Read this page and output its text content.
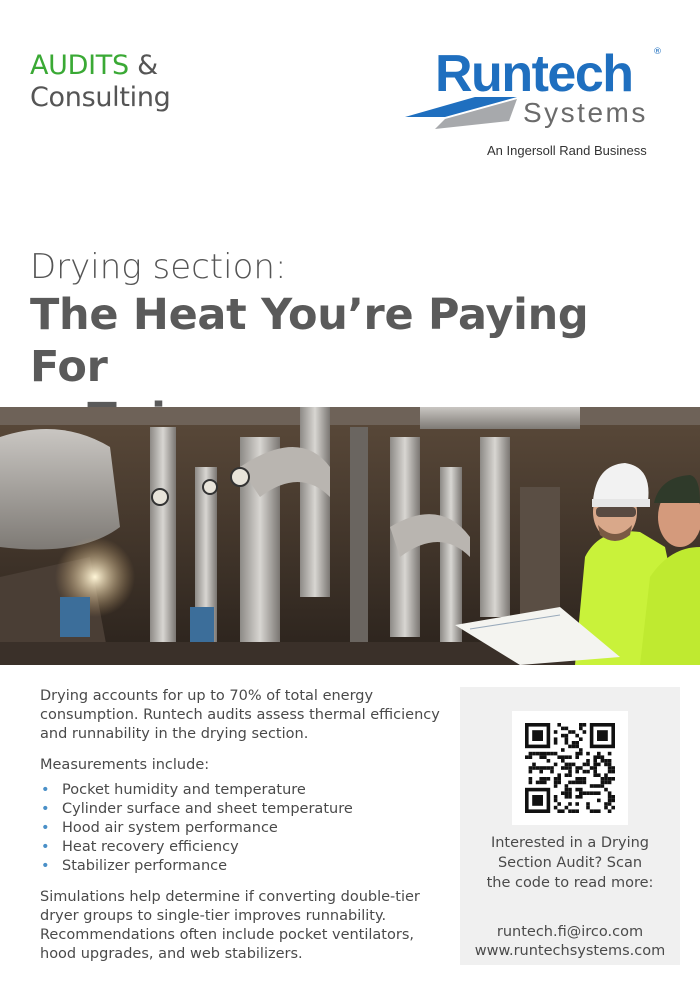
AUDITS &
Consulting	Runtech ®
Systems
An Ingersoll Rand Business
Drying section:
The Heat You’re Paying For

Drying accounts for up to 70% of total energy consumption. Runtech audits assess thermal efficiency and runnability in the drying section.

Measurements include:

• Pocket humidity and temperature
• Cylinder surface and sheet temperature
• Hood air system performance
• Heat recovery efficiency
• Stabilizer performance

Simulations help determine if converting double-tier dryer groups to single-tier improves runnability. Recommendations often include pocket ventilators, hood upgrades, and web stabilizers.

Interested in a Drying
Section Audit? Scan
the code to read more:
runtech.fi@irco.com
www.runtechsystems.com
